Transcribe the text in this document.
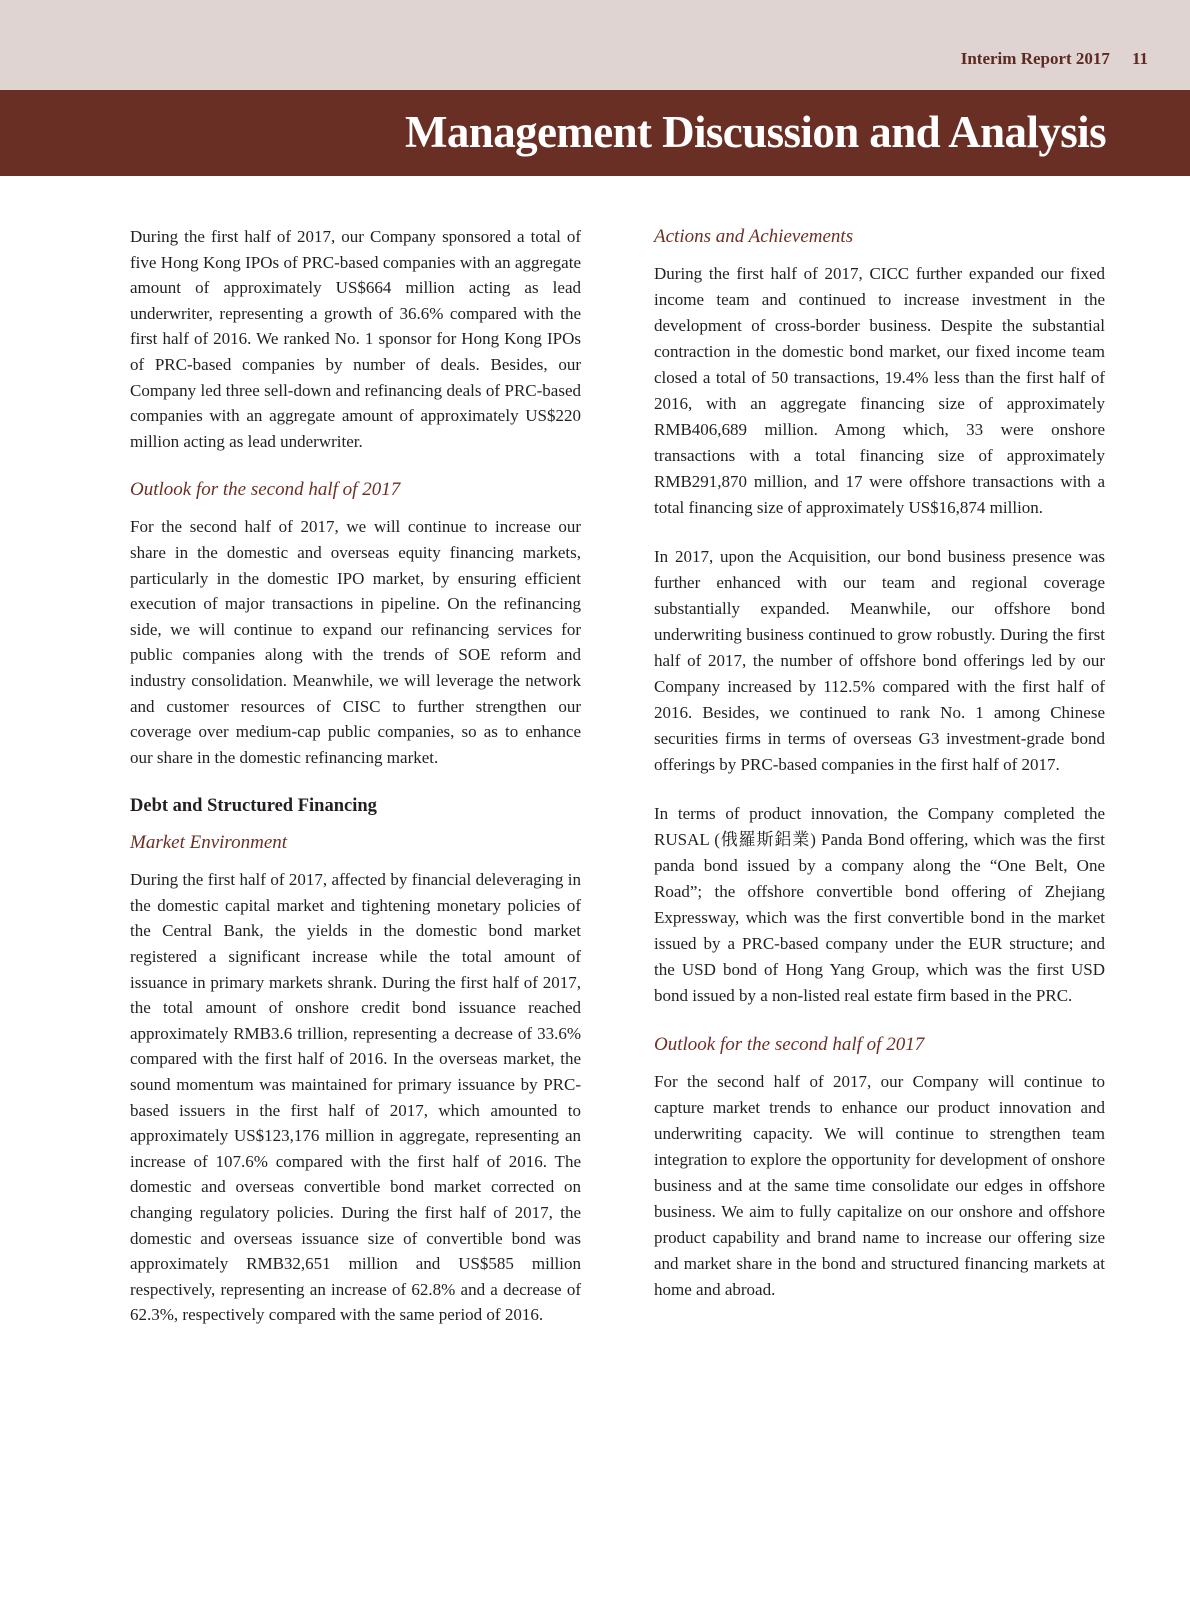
Interim Report 2017 11
Management Discussion and Analysis

During the first half of 2017, our Company sponsored a total of five Hong Kong IPOs of PRC-based companies with an aggregate amount of approximately US$664 million acting as lead underwriter, representing a growth of 36.6% compared with the first half of 2016. We ranked No. 1 sponsor for Hong Kong IPOs of PRC-based companies by number of deals. Besides, our Company led three sell-down and refinancing deals of PRC-based companies with an aggregate amount of approximately US$220 million acting as lead underwriter.

Outlook for the second half of 2017

For the second half of 2017, we will continue to increase our share in the domestic and overseas equity financing markets, particularly in the domestic IPO market, by ensuring efficient execution of major transactions in pipeline. On the refinancing side, we will continue to expand our refinancing services for public companies along with the trends of SOE reform and industry consolidation. Meanwhile, we will leverage the network and customer resources of CISC to further strengthen our coverage over medium-cap public companies, so as to enhance our share in the domestic refinancing market.

Debt and Structured Financing
Market Environment

During the first half of 2017, affected by financial deleveraging in the domestic capital market and tightening monetary policies of the Central Bank, the yields in the domestic bond market registered a significant increase while the total amount of issuance in primary markets shrank. During the first half of 2017, the total amount of onshore credit bond issuance reached approximately RMB3.6 trillion, representing a decrease of 33.6% compared with the first half of 2016. In the overseas market, the sound momentum was maintained for primary issuance by PRC-based issuers in the first half of 2017, which amounted to approximately US$123,176 million in aggregate, representing an increase of 107.6% compared with the first half of 2016. The domestic and overseas convertible bond market corrected on changing regulatory policies. During the first half of 2017, the domestic and overseas issuance size of convertible bond was approximately RMB32,651 million and US$585 million respectively, representing an increase of 62.8% and a decrease of 62.3%, respectively compared with the same period of 2016.

Actions and Achievements

During the first half of 2017, CICC further expanded our fixed income team and continued to increase investment in the development of cross-border business. Despite the substantial contraction in the domestic bond market, our fixed income team closed a total of 50 transactions, 19.4% less than the first half of 2016, with an aggregate financing size of approximately RMB406,689 million. Among which, 33 were onshore transactions with a total financing size of approximately RMB291,870 million, and 17 were offshore transactions with a total financing size of approximately US$16,874 million.

In 2017, upon the Acquisition, our bond business presence was further enhanced with our team and regional coverage substantially expanded. Meanwhile, our offshore bond underwriting business continued to grow robustly. During the first half of 2017, the number of offshore bond offerings led by our Company increased by 112.5% compared with the first half of 2016. Besides, we continued to rank No. 1 among Chinese securities firms in terms of overseas G3 investment-grade bond offerings by PRC-based companies in the first half of 2017.

In terms of product innovation, the Company completed the RUSAL (俄羅斯鋁業) Panda Bond offering, which was the first panda bond issued by a company along the “One Belt, One Road”; the offshore convertible bond offering of Zhejiang Expressway, which was the first convertible bond in the market issued by a PRC-based company under the EUR structure; and the USD bond of Hong Yang Group, which was the first USD bond issued by a non-listed real estate firm based in the PRC.

Outlook for the second half of 2017

For the second half of 2017, our Company will continue to capture market trends to enhance our product innovation and underwriting capacity. We will continue to strengthen team integration to explore the opportunity for development of onshore business and at the same time consolidate our edges in offshore business. We aim to fully capitalize on our onshore and offshore product capability and brand name to increase our offering size and market share in the bond and structured financing markets at home and abroad.
